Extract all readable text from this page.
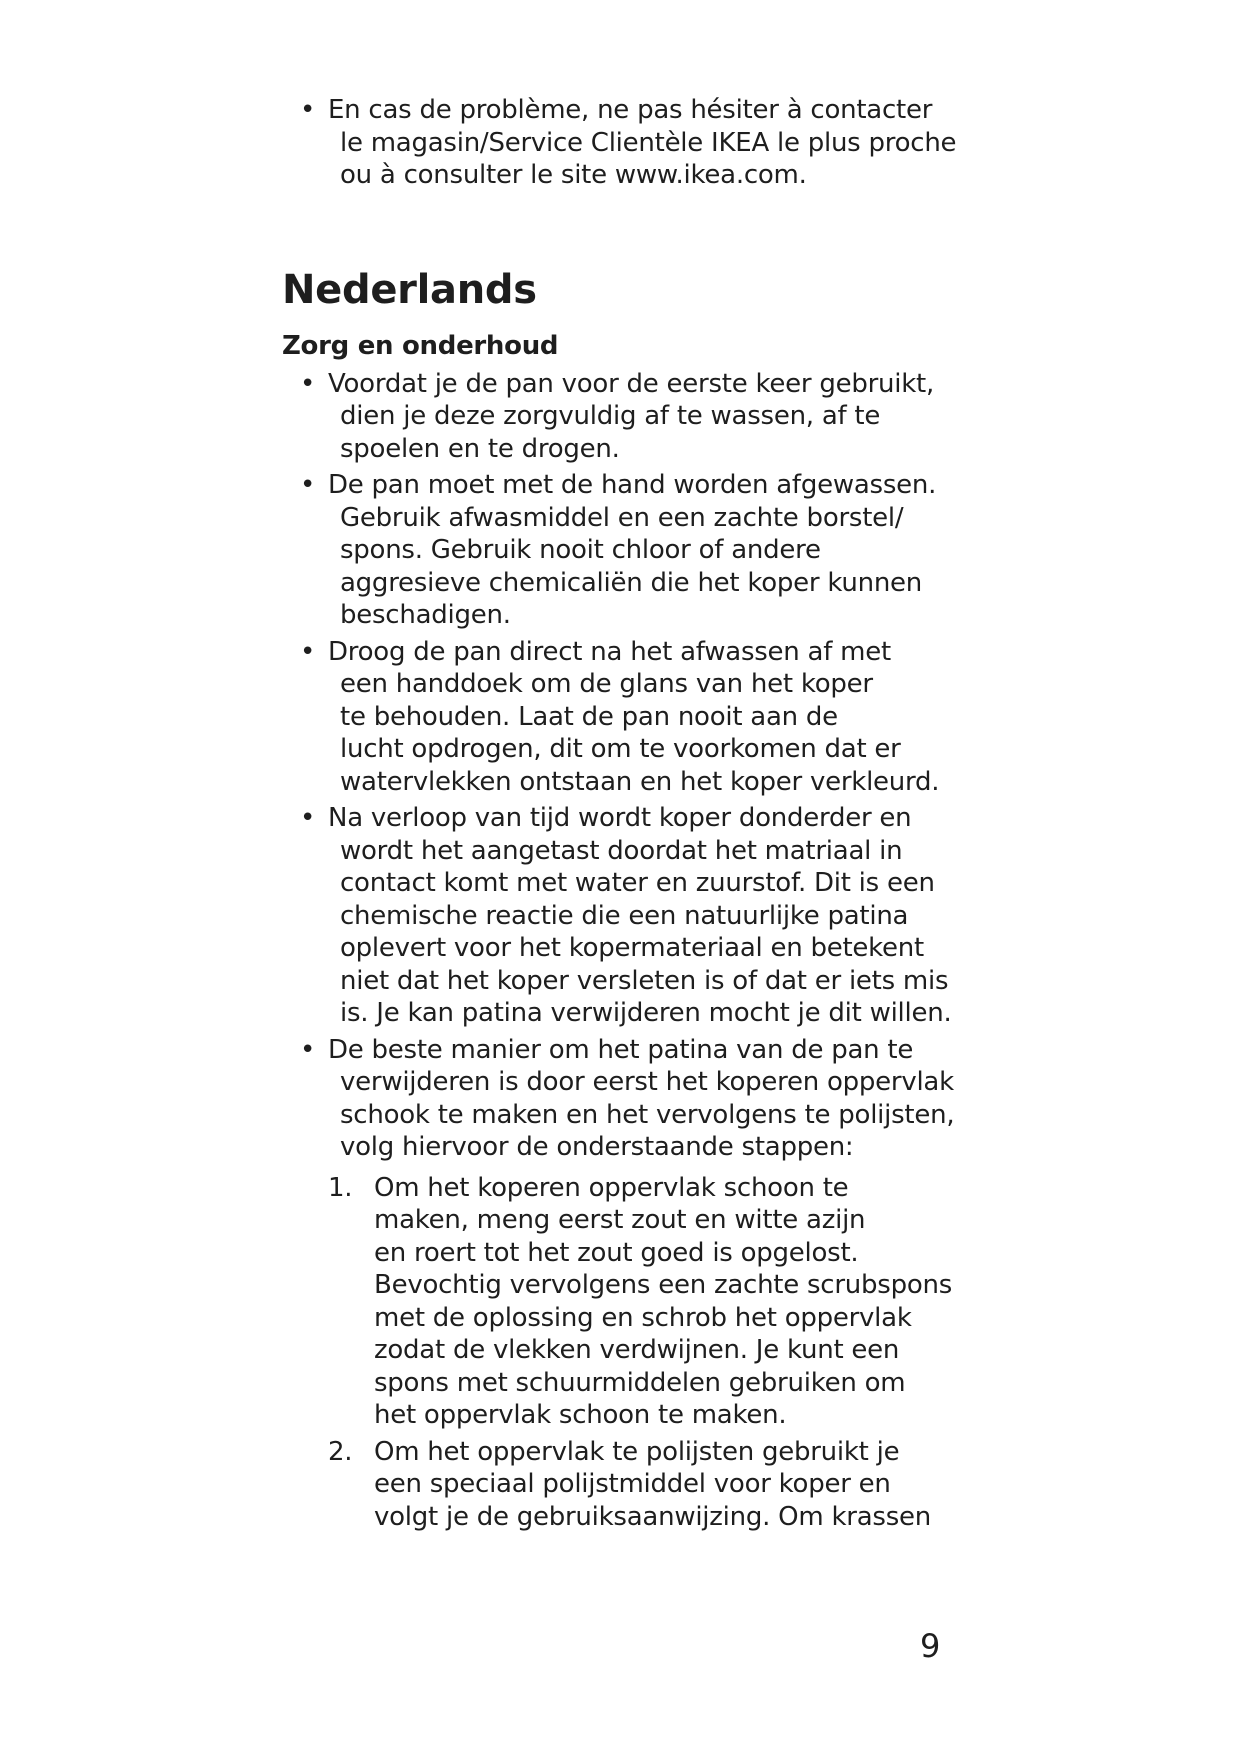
• En cas de problème, ne pas hésiter à contacter
le magasin/Service Clientèle IKEA le plus proche
ou à consulter le site www.ikea.com.
Nederlands
Zorg en onderhoud
• Voordat je de pan voor de eerste keer gebruikt,
dien je deze zorgvuldig af te wassen, af te
spoelen en te drogen.
• De pan moet met de hand worden afgewassen.
Gebruik afwasmiddel en een zachte borstel/
spons. Gebruik nooit chloor of andere
aggresieve chemicaliën die het koper kunnen
beschadigen.
• Droog de pan direct na het afwassen af met
een handdoek om de glans van het koper
te behouden. Laat de pan nooit aan de
lucht opdrogen, dit om te voorkomen dat er
watervlekken ontstaan en het koper verkleurd.
• Na verloop van tijd wordt koper donderder en
wordt het aangetast doordat het matriaal in
contact komt met water en zuurstof. Dit is een
chemische reactie die een natuurlijke patina
oplevert voor het kopermateriaal en betekent
niet dat het koper versleten is of dat er iets mis
is. Je kan patina verwijderen mocht je dit willen.
• De beste manier om het patina van de pan te
verwijderen is door eerst het koperen oppervlak
schook te maken en het vervolgens te polijsten,
volg hiervoor de onderstaande stappen:
1. Om het koperen oppervlak schoon te
maken, meng eerst zout en witte azijn
en roert tot het zout goed is opgelost.
Bevochtig vervolgens een zachte scrubspons
met de oplossing en schrob het oppervlak
zodat de vlekken verdwijnen. Je kunt een
spons met schuurmiddelen gebruiken om
het oppervlak schoon te maken.
2. Om het oppervlak te polijsten gebruikt je
een speciaal polijstmiddel voor koper en
volgt je de gebruiksaanwijzing. Om krassen
9
